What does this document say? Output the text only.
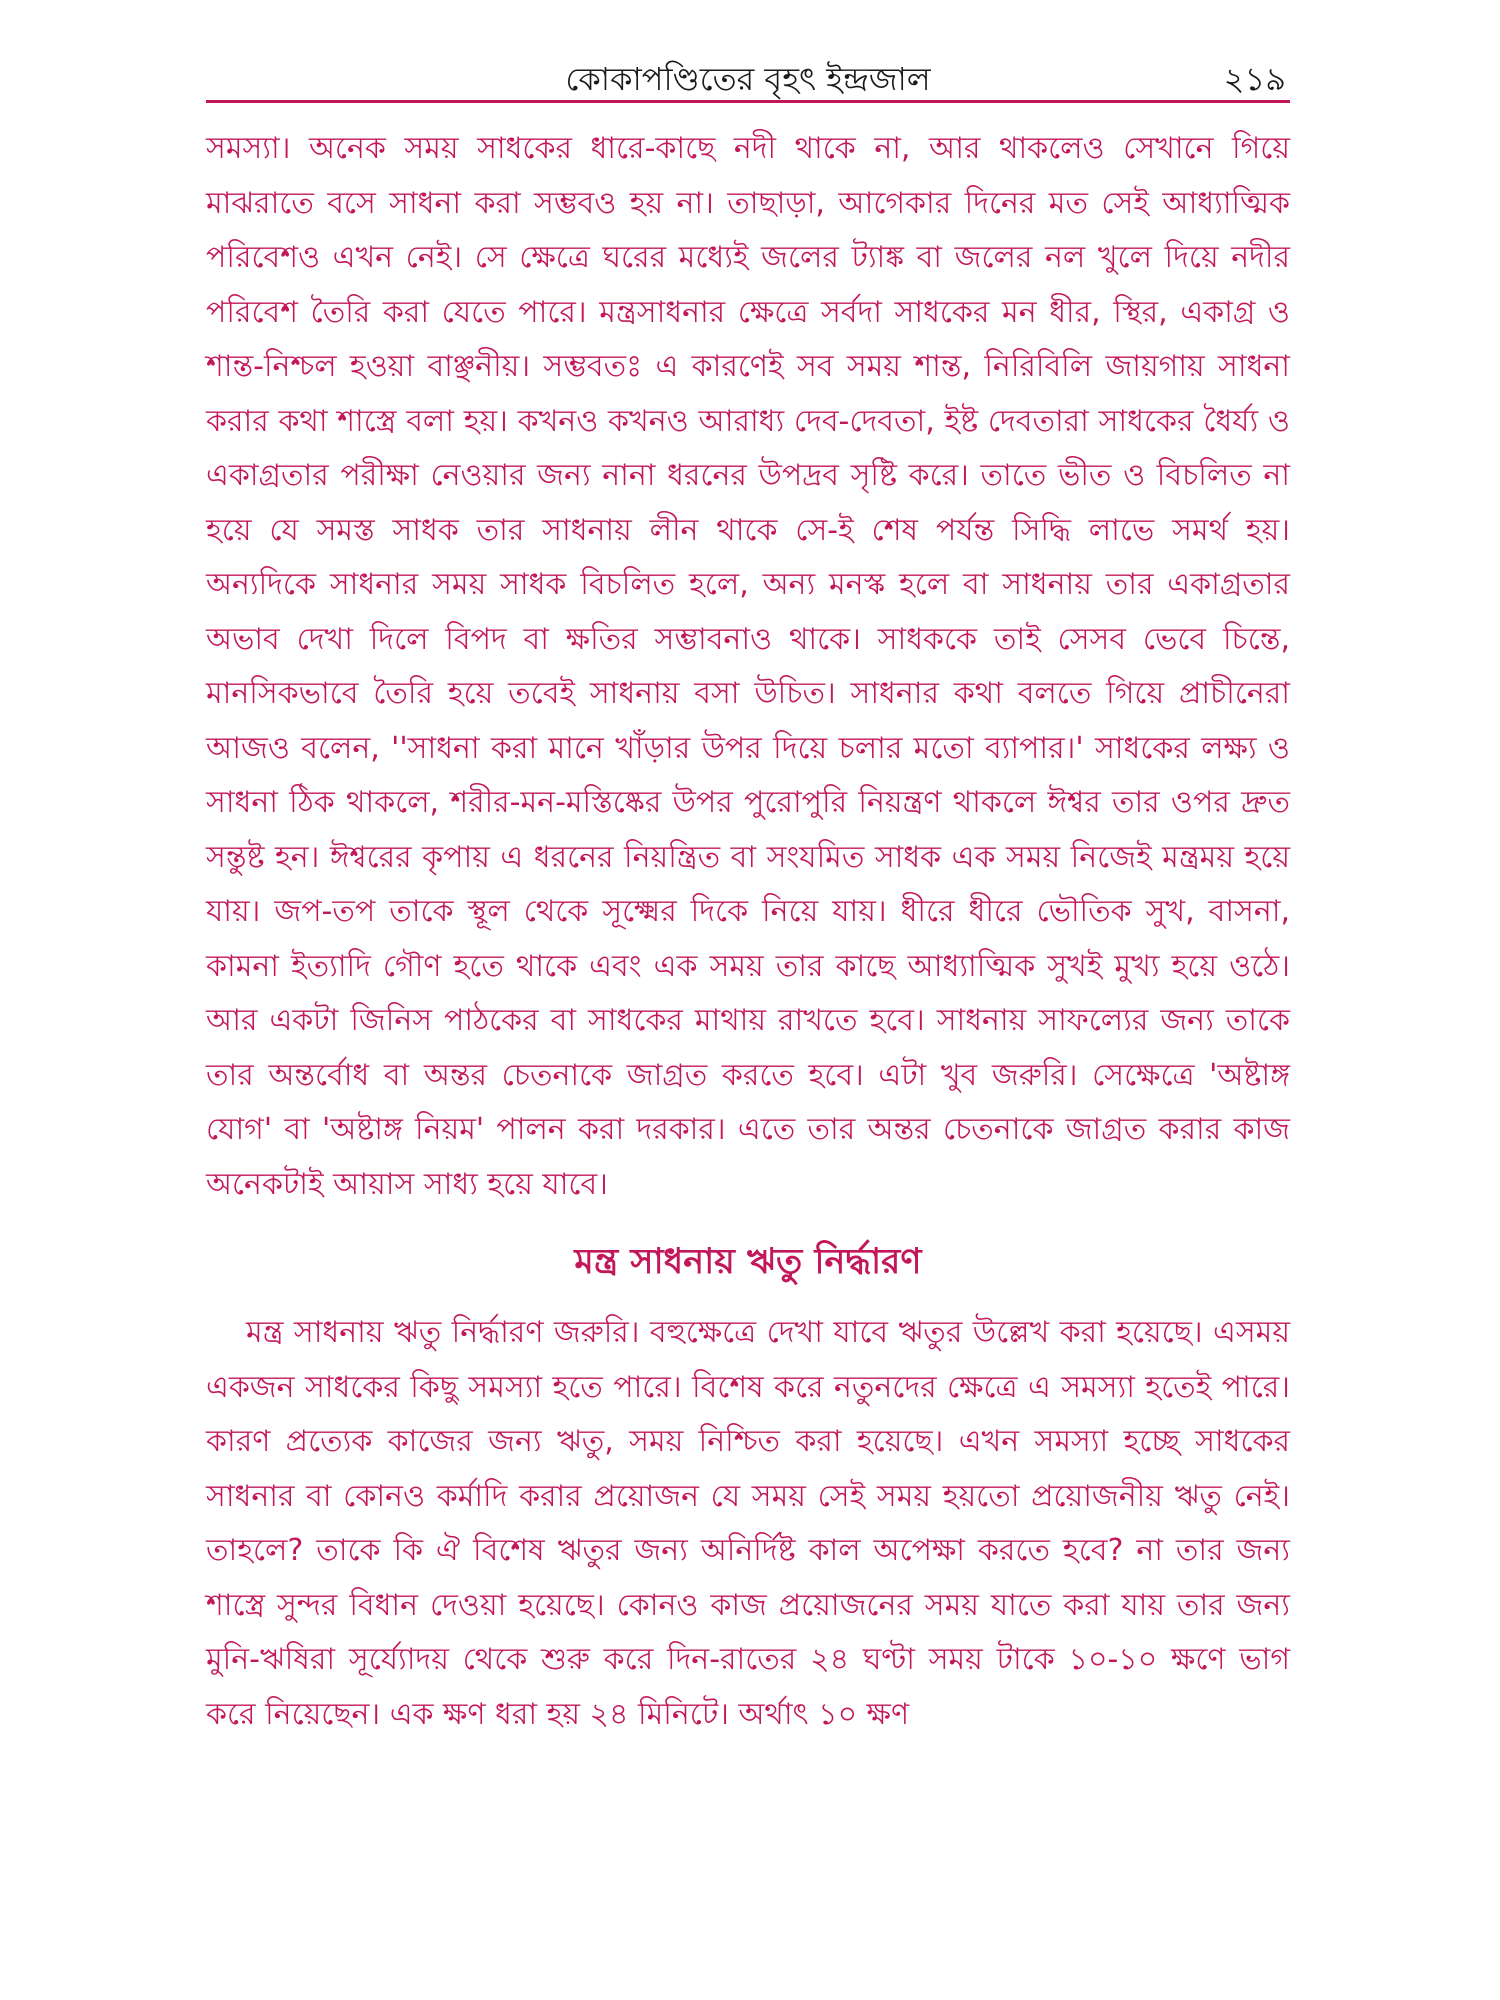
কোকাপণ্ডিতের বৃহৎ ইন্দ্রজাল	২১৯

সমস্যা। অনেক সময় সাধকের ধারে-কাছে নদী থাকে না, আর থাকলেও সেখানে গিয়ে মাঝরাতে বসে সাধনা করা সম্ভবও হয় না। তাছাড়া, আগেকার দিনের মত সেই আধ্যাত্মিক পরিবেশও এখন নেই। সে ক্ষেত্রে ঘরের মধ্যেই জলের ট্যাঙ্ক বা জলের নল খুলে দিয়ে নদীর পরিবেশ তৈরি করা যেতে পারে। মন্ত্রসাধনার ক্ষেত্রে সর্বদা সাধকের মন ধীর, স্থির, একাগ্র ও শান্ত-নিশ্চল হওয়া বাঞ্ছনীয়। সম্ভবতঃ এ কারণেই সব সময় শান্ত, নিরিবিলি জায়গায় সাধনা করার কথা শাস্ত্রে বলা হয়। কখনও কখনও আরাধ্য দেব-দেবতা, ইষ্ট দেবতারা সাধকের ধৈর্য্য ও একাগ্রতার পরীক্ষা নেওয়ার জন্য নানা ধরনের উপদ্রব সৃষ্টি করে। তাতে ভীত ও বিচলিত না হয়ে যে সমস্ত সাধক তার সাধনায় লীন থাকে সে-ই শেষ পর্যন্ত সিদ্ধি লাভে সমর্থ হয়। অন্যদিকে সাধনার সময় সাধক বিচলিত হলে, অন্য মনস্ক হলে বা সাধনায় তার একাগ্রতার অভাব দেখা দিলে বিপদ বা ক্ষতির সম্ভাবনাও থাকে। সাধককে তাই সেসব ভেবে চিন্তে, মানসিকভাবে তৈরি হয়ে তবেই সাধনায় বসা উচিত। সাধনার কথা বলতে গিয়ে প্রাচীনেরা আজও বলেন, ''সাধনা করা মানে খাঁড়ার উপর দিয়ে চলার মতো ব্যাপার।' সাধকের লক্ষ্য ও সাধনা ঠিক থাকলে, শরীর-মন-মস্তিষ্কের উপর পুরোপুরি নিয়ন্ত্রণ থাকলে ঈশ্বর তার ওপর দ্রুত সন্তুষ্ট হন। ঈশ্বরের কৃপায় এ ধরনের নিয়ন্ত্রিত বা সংযমিত সাধক এক সময় নিজেই মন্ত্রময় হয়ে যায়। জপ-তপ তাকে স্থূল থেকে সূক্ষ্মের দিকে নিয়ে যায়। ধীরে ধীরে ভৌতিক সুখ, বাসনা, কামনা ইত্যাদি গৌণ হতে থাকে এবং এক সময় তার কাছে আধ্যাত্মিক সুখই মুখ্য হয়ে ওঠে। আর একটা জিনিস পাঠকের বা সাধকের মাথায় রাখতে হবে। সাধনায় সাফল্যের জন্য তাকে তার অন্তর্বোধ বা অন্তর চেতনাকে জাগ্রত করতে হবে। এটা খুব জরুরি। সেক্ষেত্রে 'অষ্টাঙ্গ যোগ' বা 'অষ্টাঙ্গ নিয়ম' পালন করা দরকার। এতে তার অন্তর চেতনাকে জাগ্রত করার কাজ অনেকটাই আয়াস সাধ্য হয়ে যাবে।

মন্ত্র সাধনায় ঋতু নির্দ্ধারণ

মন্ত্র সাধনায় ঋতু নির্দ্ধারণ জরুরি। বহুক্ষেত্রে দেখা যাবে ঋতুর উল্লেখ করা হয়েছে। এসময় একজন সাধকের কিছু সমস্যা হতে পারে। বিশেষ করে নতুনদের ক্ষেত্রে এ সমস্যা হতেই পারে। কারণ প্রত্যেক কাজের জন্য ঋতু, সময় নিশ্চিত করা হয়েছে। এখন সমস্যা হচ্ছে সাধকের সাধনার বা কোনও কর্মাদি করার প্রয়োজন যে সময় সেই সময় হয়তো প্রয়োজনীয় ঋতু নেই। তাহলে? তাকে কি ঐ বিশেষ ঋতুর জন্য অনির্দিষ্ট কাল অপেক্ষা করতে হবে? না তার জন্য শাস্ত্রে সুন্দর বিধান দেওয়া হয়েছে। কোনও কাজ প্রয়োজনের সময় যাতে করা যায় তার জন্য মুনি-ঋষিরা সূর্য্যোদয় থেকে শুরু করে দিন-রাতের ২৪ ঘণ্টা সময় টাকে ১০-১০ ক্ষণে ভাগ করে নিয়েছেন। এক ক্ষণ ধরা হয় ২৪ মিনিটে। অর্থাৎ ১০ ক্ষণ
